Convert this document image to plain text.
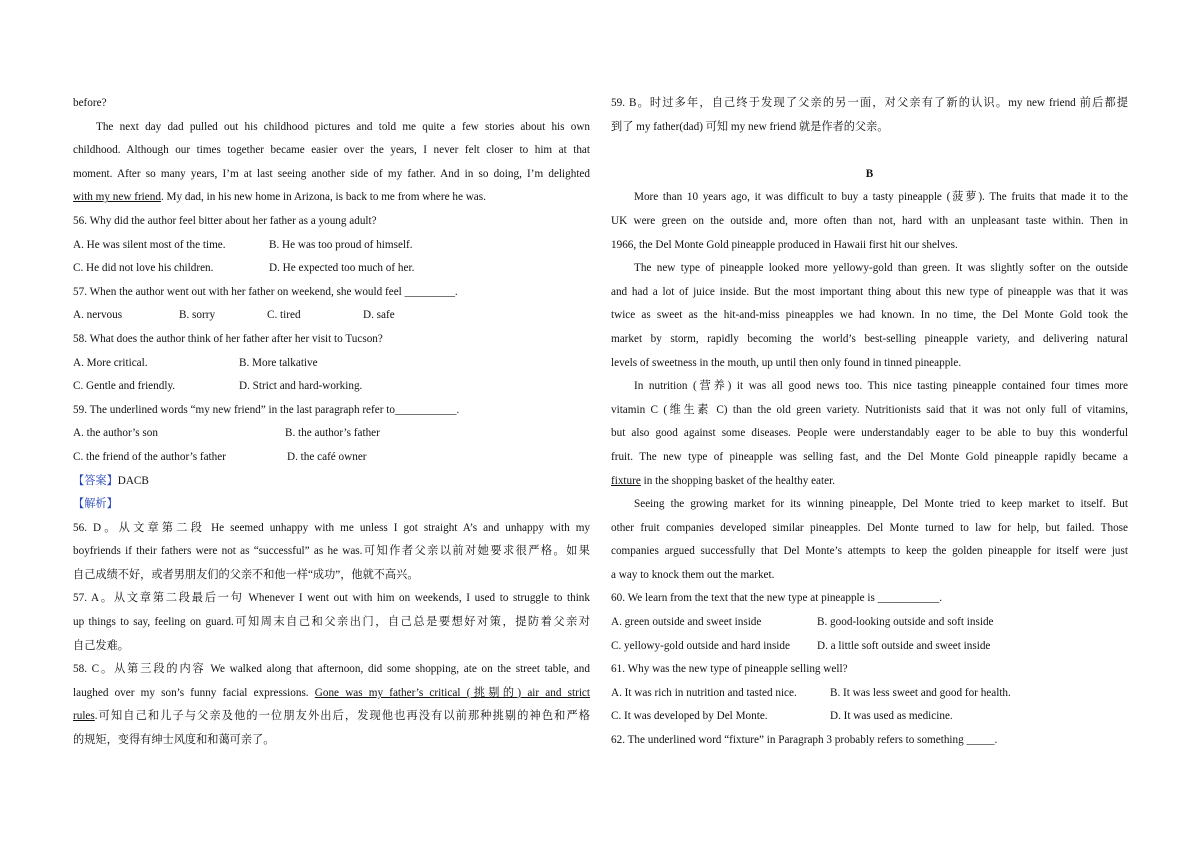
before?
The next day dad pulled out his childhood pictures and told me quite a few stories about his own
childhood. Although our times together became easier over the years, I never felt closer to him at that
moment. After so many years, I’m at last seeing another side of my father. And in so doing, I’m delighted
with my new friend. My dad, in his new home in Arizona, is back to me from where he was.
56. Why did the author feel bitter about her father as a young adult?
A. He was silent most of the time.	B. He was too proud of himself.
C. He did not love his children.	D. He expected too much of her.
57. When the author went out with her father on weekend, she would feel _________.
A. nervous	B. sorry	C. tired	D. safe
58. What does the author think of her father after her visit to Tucson?
A. More critical.	B. More talkative
C. Gentle and friendly.	D. Strict and hard-working.
59. The underlined words “my new friend” in the last paragraph refer to___________.
A. the author’s son	B. the author’s father
C. the friend of the author’s father	D. the café owner
【答案】DACB
【解析】
56. D。从文章第二段 He seemed unhappy with me unless I got straight A’s and unhappy with my
boyfriends if their fathers were not as “successful” as he was.可知作者父亲以前对她要求很严格。如果
自己成绩不好，或者男朋友们的父亲不和他一样“成功”，他就不高兴。
57. A。从文章第二段最后一句 Whenever I went out with him on weekends, I used to struggle to think
up things to say, feeling on guard.可知周末自己和父亲出门，自己总是要想好对策，提防着父亲对
自己发难。
58. C。从第三段的内容 We walked along that afternoon, did some shopping, ate on the street table, and
laughed over my son’s funny facial expressions. Gone was my father’s critical (挑剔的) air and strict
rules.可知自己和儿子与父亲及他的一位朋友外出后，发现他也再没有以前那种挑剔的神色和严格
的规矩，变得有绅士风度和和蔼可亲了。
59. B。时过多年，自己终于发现了父亲的另一面，对父亲有了新的认识。my new friend 前后都提
到了 my father(dad) 可知 my new friend 就是作者的父亲。
B
More than 10 years ago, it was difficult to buy a tasty pineapple (菠萝). The fruits that made it to the
UK were green on the outside and, more often than not, hard with an unpleasant taste within. Then in
1966, the Del Monte Gold pineapple produced in Hawaii first hit our shelves.
The new type of pineapple looked more yellowy-gold than green. It was slightly softer on the outside
and had a lot of juice inside. But the most important thing about this new type of pineapple was that it was
twice as sweet as the hit-and-miss pineapples we had known. In no time, the Del Monte Gold took the
market by storm, rapidly becoming the world’s best-selling pineapple variety, and delivering natural
levels of sweetness in the mouth, up until then only found in tinned pineapple.
In nutrition (营养) it was all good news too. This nice tasting pineapple contained four times more
vitamin C (维生素 C) than the old green variety. Nutritionists said that it was not only full of vitamins,
but also good against some diseases. People were understandably eager to be able to buy this wonderful
fruit. The new type of pineapple was selling fast, and the Del Monte Gold pineapple rapidly became a
fixture in the shopping basket of the healthy eater.
Seeing the growing market for its winning pineapple, Del Monte tried to keep market to itself. But
other fruit companies developed similar pineapples. Del Monte turned to law for help, but failed. Those
companies argued successfully that Del Monte’s attempts to keep the golden pineapple for itself were just
a way to knock them out the market.
60. We learn from the text that the new type at pineapple is ___________.
A. green outside and sweet inside	B. good-looking outside and soft inside
C. yellowy-gold outside and hard inside D. a little soft outside and sweet inside
61. Why was the new type of pineapple selling well?
A. It was rich in nutrition and tasted nice.	B. It was less sweet and good for health.
C. It was developed by Del Monte.	D. It was used as medicine.
62. The underlined word “fixture” in Paragraph 3 probably refers to something _____.
